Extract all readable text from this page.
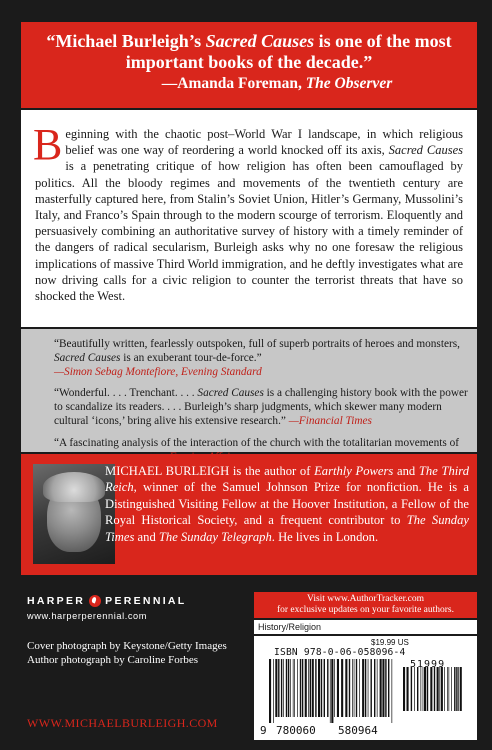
“Michael Burleigh’s Sacred Causes is one of the most important books of the decade.”
—Amanda Foreman, The Observer

Beginning with the chaotic post–World War I landscape, in which religious belief was one way of reordering a world knocked off its axis, Sacred Causes is a penetrating critique of how religion has often been camouflaged by politics. All the bloody regimes and movements of the twentieth century are masterfully captured here, from Stalin’s Soviet Union, Hitler’s Germany, Mussolini’s Italy, and Franco’s Spain through to the modern scourge of terrorism. Eloquently and persuasively combining an authoritative survey of history with a timely reminder of the dangers of radical secularism, Burleigh asks why no one foresaw the religious implications of massive Third World immigration, and he deftly investigates what are now driving calls for a civic religion to counter the terrorist threats that have so shocked the West.

“Beautifully written, fearlessly outspoken, full of superb portraits of heroes and monsters, Sacred Causes is an exuberant tour-de-force.”
—Simon Sebag Montefiore, Evening Standard
“Wonderful. . . . Trenchant. . . . Sacred Causes is a challenging history book with the power to scandalize its readers. . . . Burleigh’s sharp judgments, which skewer many modern cultural ‘icons,’ bring alive his extensive research.” —Financial Times
“A fascinating analysis of the interaction of the church with the totalitarian movements of
MICHAEL BURLEIGH is the author of Earthly Powers and The Third Reich, winner of the Samuel Johnson Prize for nonfiction. He is a Distinguished Visiting Fellow at the Hoover Institution, a Fellow of the Royal Historical Society, and a frequent contributor to The Sunday Times and The Sunday Telegraph. He lives in London.
HARPER PERENNIAL
www.harperperennial.com
Cover photograph by Keystone/Getty Images
Author photograph by Caroline Forbes
WWW.MICHAELBURLEIGH.COM
Visit www.AuthorTracker.com
for exclusive updates on your favorite authors.
History/Religion
$19.99 US
ISBN 978-0-06-058096-4
51999
9 780060 580964
